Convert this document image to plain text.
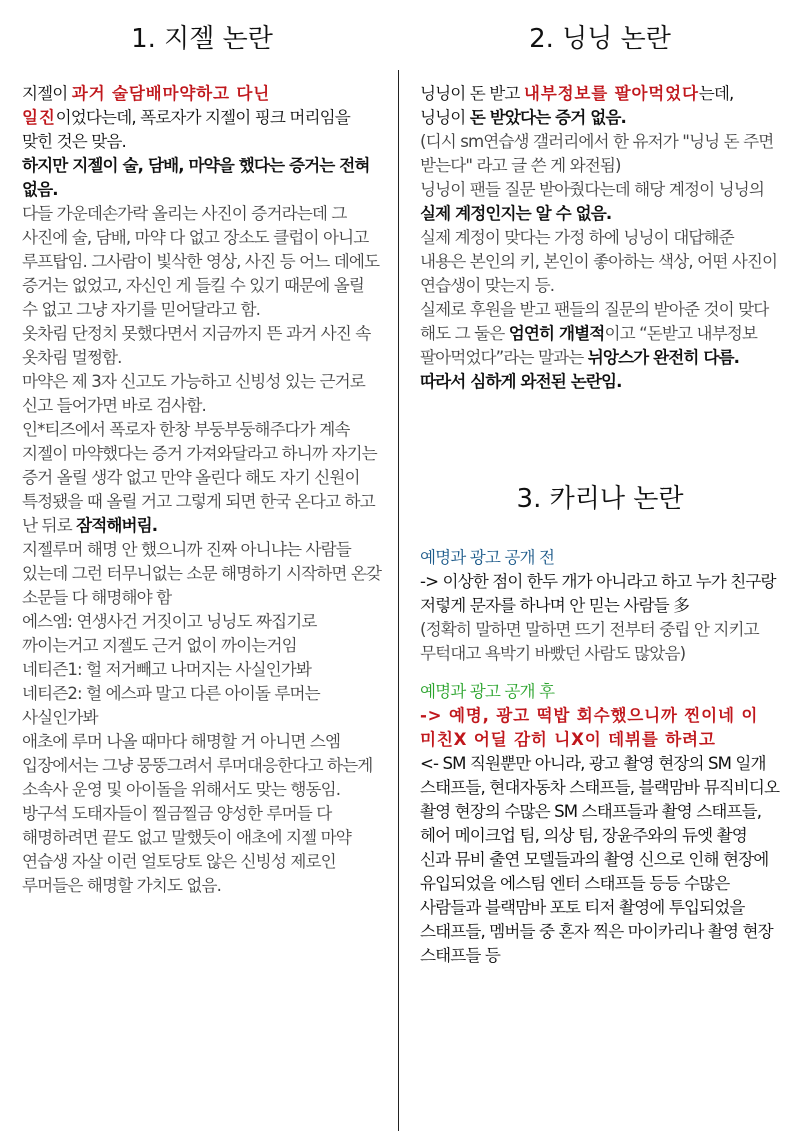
1. 지젤 논란

지젤이 과거 술담배마약하고 다닌 일진이었다는데, 폭로자가 지젤이 핑크 머리임을 맞힌 것은 맞음.

하지만 지젤이 술, 담배, 마약을 했다는 증거는 전혀 없음.

다들 가운데손가락 올리는 사진이 증거라는데 그 사진에 술, 담배, 마약 다 없고 장소도 클럽이 아니고 루프탑임. 그사람이 빛삭한 영상, 사진 등 어느 데에도 증거는 없었고, 자신인 게 들킬 수 있기 때문에 올릴 수 없고 그냥 자기를 믿어달라고 함.

옷차림 단정치 못했다면서 지금까지 뜬 과거 사진 속 옷차림 멀쩡함.

마약은 제 3자 신고도 가능하고 신빙성 있는 근거로 신고 들어가면 바로 검사함.

인*티즈에서 폭로자 한창 부둥부둥해주다가 계속 지젤이 마약했다는 증거 가져와달라고 하니까 자기는 증거 올릴 생각 없고 만약 올린다 해도 자기 신원이 특정됐을 때 올릴 거고 그렇게 되면 한국 온다고 하고 난 뒤로 잠적해버림.

지젤루머 해명 안 했으니까 진짜 아니냐는 사람들 있는데 그런 터무니없는 소문 해명하기 시작하면 온갖 소문들 다 해명해야 함

에스엠: 연생사건 거짓이고 닝닝도 짜집기로 까이는거고 지젤도 근거 없이 까이는거임

네티즌1: 헐 저거빼고 나머지는 사실인가봐

네티즌2: 헐 에스파 말고 다른 아이돌 루머는 사실인가봐

애초에 루머 나올 때마다 해명할 거 아니면 스엠 입장에서는 그냥 뭉뚱그려서 루머대응한다고 하는게 소속사 운영 및 아이돌을 위해서도 맞는 행동임. 방구석 도태자들이 찔금찔금 양성한 루머들 다 해명하려면 끝도 없고 말했듯이 애초에 지젤 마약 연습생 자살 이런 얼토당토 않은 신빙성 제로인 루머들은 해명할 가치도 없음.

2. 닝닝 논란

닝닝이 돈 받고 내부정보를 팔아먹었다는데, 닝닝이 돈 받았다는 증거 없음.

(디시 sm연습생 갤러리에서 한 유저가 "닝닝 돈 주면 받는다" 라고 글 쓴 게 와전됨)

닝닝이 팬들 질문 받아줬다는데 해당 계정이 닝닝의 실제 계정인지는 알 수 없음.

실제 계정이 맞다는 가정 하에 닝닝이 대답해준 내용은 본인의 키, 본인이 좋아하는 색상, 어떤 사진이 연습생이 맞는지 등.

실제로 후원을 받고 팬들의 질문의 받아준 것이 맞다 해도 그 둘은 엄연히 개별적이고 “돈받고 내부정보 팔아먹었다”라는 말과는 뉘앙스가 완전히 다름.

따라서 심하게 와전된 논란임.

3. 카리나 논란

예명과 광고 공개 전

-> 이상한 점이 한두 개가 아니라고 하고 누가 친구랑 저렇게 문자를 하나며 안 믿는 사람들 多

(정확히 말하면 말하면 뜨기 전부터 중립 안 지키고 무턱대고 욕박기 바빴던 사람도 많았음)

예명과 광고 공개 후

-> 예명, 광고 떡밥 회수했으니까 찐이네 이 미친X 어딜 감히 니X이 데뷔를 하려고

<- SM 직원뿐만 아니라, 광고 촬영 현장의 SM 일개 스태프들, 현대자동차 스태프들, 블랙맘바 뮤직비디오 촬영 현장의 수많은 SM 스태프들과 촬영 스태프들, 헤어 메이크업 팀, 의상 팀, 장윤주와의 듀엣 촬영 신과 뮤비 출연 모델들과의 촬영 신으로 인해 현장에 유입되었을 에스팀 엔터 스태프들 등등 수많은 사람들과 블랙맘바 포토 티저 촬영에 투입되었을 스태프들, 멤버들 중 혼자 찍은 마이카리나 촬영 현장 스태프들 등
